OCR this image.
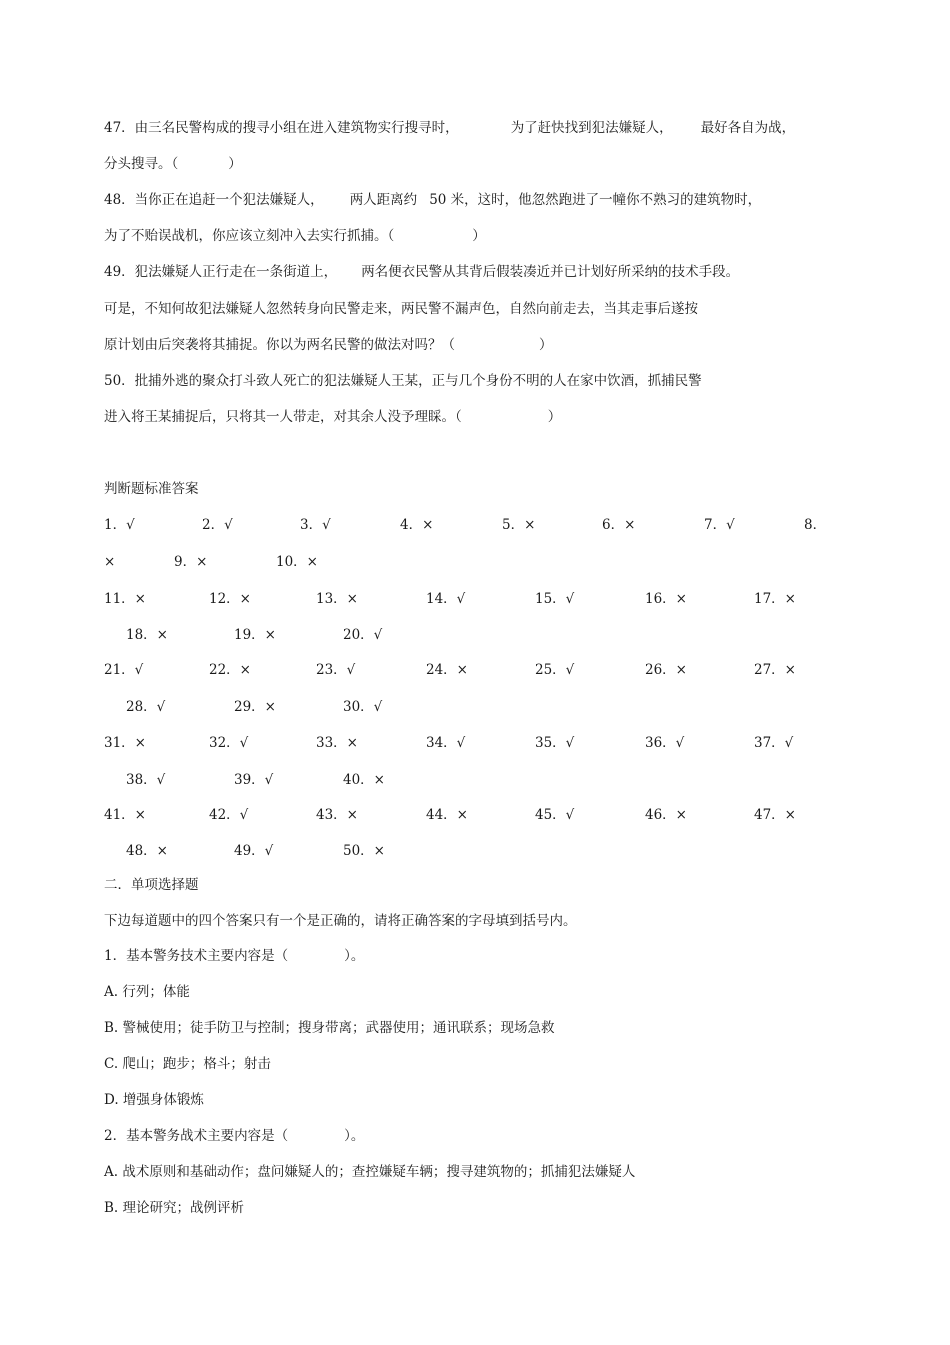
47．由三名民警构成的搜寻小组在进入建筑物实行搜寻时，	为了赶快找到犯法嫌疑人， 最好各自为战，
分头搜寻。（	）
48．当你正在追赶一个犯法嫌疑人， 两人距离约 50 米，这时，他忽然跑进了一幢你不熟习的建筑物时，
为了不贻误战机，你应该立刻冲入去实行抓捕。（	）
49．犯法嫌疑人正行走在一条街道上， 两名便衣民警从其背后假装凑近并已计划好所采纳的技术手段。
可是，不知何故犯法嫌疑人忽然转身向民警走来，两民警不漏声色，自然向前走去，当其走事后遂按
原计划由后突袭将其捕捉。你以为两名民警的做法对吗？（	）
50．批捕外逃的聚众打斗致人死亡的犯法嫌疑人王某，正与几个身份不明的人在家中饮酒，抓捕民警
进入将王某捕捉后，只将其一人带走，对其余人没予理睬。（	）
判断题标准答案
1．√	2．√	3．√	4．×	5．×	6．×	7．√	8．
×	9．×	10．×
11．×	12．×	13．×	14．√	15．√	16．×	17．×
18．×	19．×	20．√
21．√	22．×	23．√	24．×	25．√	26．×	27．×
28．√	29．×	30．√
31．×	32．√	33．×	34．√	35．√	36．√	37．√
38．√	39．√	40．×
41．×	42．√	43．×	44．×	45．√	46．×	47．×
48．×	49．√	50．×
二．单项选择题
下边每道题中的四个答案只有一个是正确的，请将正确答案的字母填到括号内。
1．基本警务技术主要内容是（	）。
A. 行列；体能
B. 警械使用；徒手防卫与控制；搜身带离；武器使用；通讯联系；现场急救
C. 爬山；跑步；格斗；射击
D. 增强身体锻炼
2．基本警务战术主要内容是（	）。
A. 战术原则和基础动作；盘问嫌疑人的；查控嫌疑车辆；搜寻建筑物的；抓捕犯法嫌疑人
B. 理论研究；战例评析
